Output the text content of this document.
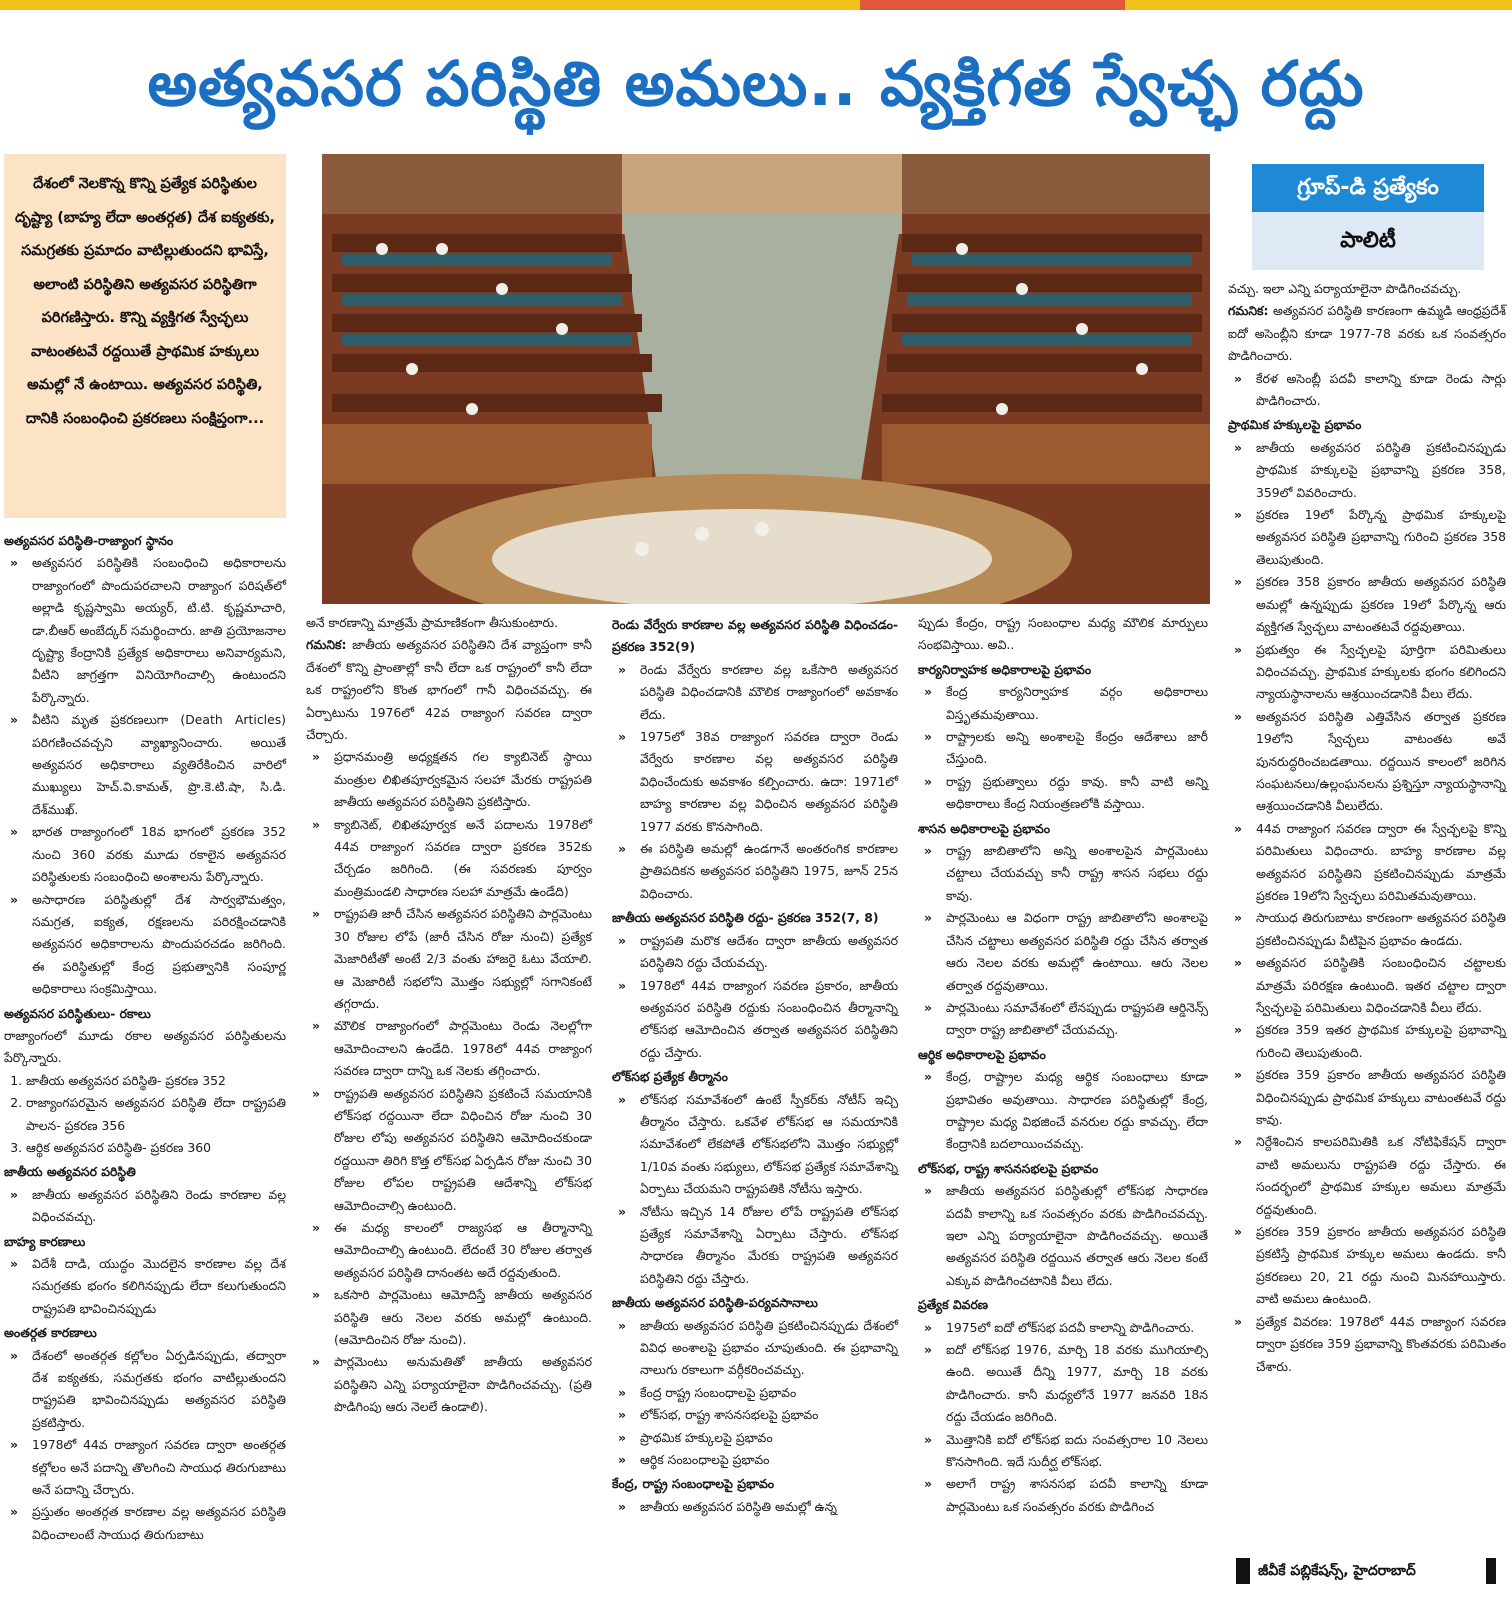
అత్యవసర పరిస్థితి అమలు.. వ్యక్తిగత స్వేచ్ఛ రద్దు
దేశంలో నెలకొన్న కొన్ని ప్రత్యేక పరిస్థితుల దృష్ట్యా (బాహ్య లేదా అంతర్గత) దేశ ఐక్యతకు, సమగ్రతకు ప్రమాదం వాటిల్లుతుందని భావిస్తే, అలాంటి పరిస్థితిని అత్యవసర పరిస్థితిగా పరిగణిస్తారు. కొన్ని వ్యక్తిగత స్వేచ్ఛలు వాటంతటవే రద్దయితే ప్రాథమిక హక్కులు అమల్లో నే ఉంటాయి. అత్యవసర పరిస్థితి, దానికి సంబంధించి ప్రకరణలు సంక్షిప్తంగా...
గ్రూప్-డి ప్రత్యేకం
పాలిటీ
అత్యవసర పరిస్థితి-రాజ్యాంగ స్థానం
» అత్యవసర పరిస్థితికి సంబంధించి అధికారాలను రాజ్యాంగంలో పొందుపరచాలని రాజ్యాంగ పరిషత్‌లో అల్లాడి కృష్ణస్వామి అయ్యర్, టి.టి. కృష్ణమాచారి, డా.బీఆర్ అంబేద్కర్ సమర్థించారు. జాతి ప్రయోజనాల దృష్ట్యా కేంద్రానికి ప్రత్యేక అధికారాలు అనివార్యమని, వీటిని జాగ్రత్తగా వినియోగించాల్సి ఉంటుందని పేర్కొన్నారు.
» వీటిని మృత ప్రకరణలుగా (Death Articles) పరిగణించవచ్చని వ్యాఖ్యానించారు. అయితే అత్యవసర అధికారాలు వ్యతిరేకించిన వారిలో ముఖ్యులు హెచ్.వి.కామత్, ప్రొ.కె.టి.షా, సి.డి. దేశ్‌ముఖ్.
» భారత రాజ్యాంగంలో 18వ భాగంలో ప్రకరణ 352 నుంచి 360 వరకు మూడు రకాలైన అత్యవసర పరిస్థితులకు సంబంధించి అంశాలను పేర్కొన్నారు.
» అసాధారణ పరిస్థితుల్లో దేశ సార్వభౌమత్వం, సమగ్రత, ఐక్యత, రక్షణలను పరిరక్షించడానికి అత్యవసర అధికారాలను పొందుపరచడం జరిగింది. ఈ పరిస్థితుల్లో కేంద్ర ప్రభుత్వానికి సంపూర్ణ అధికారాలు సంక్రమిస్తాయి.
అత్యవసర పరిస్థితులు- రకాలు

రాజ్యాంగంలో మూడు రకాల అత్యవసర పరిస్థితులను పేర్కొన్నారు.

1. జాతీయ అత్యవసర పరిస్థితి- ప్రకరణ 352
2. రాజ్యాంగపరమైన అత్యవసర పరిస్థితి లేదా రాష్ట్రపతి పాలన- ప్రకరణ 356
3. ఆర్థిక అత్యవసర పరిస్థితి- ప్రకరణ 360
జాతీయ అత్యవసర పరిస్థితి
» జాతీయ అత్యవసర పరిస్థితిని రెండు కారణాల వల్ల విధించవచ్చు.
బాహ్య కారణాలు
» విదేశీ దాడి, యుద్ధం మొదలైన కారణాల వల్ల దేశ సమగ్రతకు భంగం కలిగినప్పుడు లేదా కలుగుతుందని రాష్ట్రపతి భావించినప్పుడు
అంతర్గత కారణాలు
» దేశంలో అంతర్గత కల్లోలం ఏర్పడినప్పుడు, తద్వారా దేశ ఐక్యతకు, సమగ్రతకు భంగం వాటిల్లుతుందని రాష్ట్రపతి భావించినప్పుడు అత్యవసర పరిస్థితి ప్రకటిస్తారు.
» 1978లో 44వ రాజ్యాంగ సవరణ ద్వారా అంతర్గత కల్లోలం అనే పదాన్ని తొలగించి సాయుధ తిరుగుబాటు అనే పదాన్ని చేర్చారు.
» ప్రస్తుతం అంతర్గత కారణాల వల్ల అత్యవసర పరిస్థితి విధించాలంటే సాయుధ తిరుగుబాటు

అనే కారణాన్ని మాత్రమే ప్రామాణికంగా తీసుకుంటారు.

గమనిక: జాతీయ అత్యవసర పరిస్థితిని దేశ వ్యాప్తంగా కానీ దేశంలో కొన్ని ప్రాంతాల్లో కానీ లేదా ఒక రాష్ట్రంలో కానీ లేదా ఒక రాష్ట్రంలోని కొంత భాగంలో గానీ విధించవచ్చు. ఈ ఏర్పాటును 1976లో 42వ రాజ్యాంగ సవరణ ద్వారా చేర్చారు.

» ప్రధానమంత్రి అధ్యక్షతన గల క్యాబినెట్ స్థాయి మంత్రుల లిఖితపూర్వకమైన సలహా మేరకు రాష్ట్రపతి జాతీయ అత్యవసర పరిస్థితిని ప్రకటిస్తారు.
» క్యాబినెట్, లిఖితపూర్వక అనే పదాలను 1978లో 44వ రాజ్యాంగ సవరణ ద్వారా ప్రకరణ 352కు చేర్చడం జరిగింది. (ఈ సవరణకు పూర్వం మంత్రిమండలి సాధారణ సలహా మాత్రమే ఉండేది)
» రాష్ట్రపతి జారీ చేసిన అత్యవసర పరిస్థితిని పార్లమెంటు 30 రోజుల లోపే (జారీ చేసిన రోజు నుంచి) ప్రత్యేక మెజారిటీతో అంటే 2/3 వంతు హాజరై ఓటు వేయాలి. ఆ మెజారిటీ సభలోని మొత్తం సభ్యుల్లో సగానికంటే తగ్గరాదు.
» మౌలిక రాజ్యాంగంలో పార్లమెంటు రెండు నెలల్లోగా ఆమోదించాలని ఉండేది. 1978లో 44వ రాజ్యాంగ సవరణ ద్వారా దాన్ని ఒక నెలకు తగ్గించారు.
» రాష్ట్రపతి అత్యవసర పరిస్థితిని ప్రకటించే సమయానికి లోక్‌సభ రద్దయినా లేదా విధించిన రోజు నుంచి 30 రోజుల లోపు అత్యవసర పరిస్థితిని ఆమోదించకుండా రద్దయినా తిరిగి కొత్త లోక్‌సభ ఏర్పడిన రోజు నుంచి 30 రోజుల లోపల రాష్ట్రపతి ఆదేశాన్ని లోక్‌సభ ఆమోదించాల్సి ఉంటుంది.
» ఈ మధ్య కాలంలో రాజ్యసభ ఆ తీర్మానాన్ని ఆమోదించాల్సి ఉంటుంది. లేదంటే 30 రోజుల తర్వాత అత్యవసర పరిస్థితి దానంతట అదే రద్దవుతుంది.
» ఒకసారి పార్లమెంటు ఆమోదిస్తే జాతీయ అత్యవసర పరిస్థితి ఆరు నెలల వరకు అమల్లో ఉంటుంది. (ఆమోదించిన రోజు నుంచి).
» పార్లమెంటు అనుమతితో జాతీయ అత్యవసర పరిస్థితిని ఎన్ని పర్యాయాలైనా పొడిగించవచ్చు. (ప్రతి పొడిగింపు ఆరు నెలలే ఉండాలి).
రెండు వేర్వేరు కారణాల వల్ల అత్యవసర పరిస్థితి విధించడం- ప్రకరణ 352(9)
» రెండు వేర్వేరు కారణాల వల్ల ఒకేసారి అత్యవసర పరిస్థితి విధించడానికి మౌలిక రాజ్యాంగంలో అవకాశం లేదు.
» 1975లో 38వ రాజ్యాంగ సవరణ ద్వారా రెండు వేర్వేరు కారణాల వల్ల అత్యవసర పరిస్థితి విధించేందుకు అవకాశం కల్పించారు. ఉదా: 1971లో బాహ్య కారణాల వల్ల విధించిన అత్యవసర పరిస్థితి 1977 వరకు కొనసాగింది.
» ఈ పరిస్థితి అమల్లో ఉండగానే అంతరంగిక కారణాల ప్రాతిపదికన అత్యవసర పరిస్థితిని 1975, జూన్ 25న విధించారు.
జాతీయ అత్యవసర పరిస్థితి రద్దు- ప్రకరణ 352(7, 8)
» రాష్ట్రపతి మరొక ఆదేశం ద్వారా జాతీయ అత్యవసర పరిస్థితిని రద్దు చేయవచ్చు.
» 1978లో 44వ రాజ్యాంగ సవరణ ప్రకారం, జాతీయ అత్యవసర పరిస్థితి రద్దుకు సంబంధించిన తీర్మానాన్ని లోక్‌సభ ఆమోదించిన తర్వాత అత్యవసర పరిస్థితిని రద్దు చేస్తారు.
లోక్‌సభ ప్రత్యేక తీర్మానం
» లోక్‌సభ సమావేశంలో ఉంటే స్పీకర్‌కు నోటీస్ ఇచ్చి తీర్మానం చేస్తారు. ఒకవేళ లోక్‌సభ ఆ సమయానికి సమావేశంలో లేకపోతే లోక్‌సభలోని మొత్తం సభ్యుల్లో 1/10వ వంతు సభ్యులు, లోక్‌సభ ప్రత్యేక సమావేశాన్ని ఏర్పాటు చేయమని రాష్ట్రపతికి నోటీసు ఇస్తారు.
» నోటీసు ఇచ్చిన 14 రోజుల లోపే రాష్ట్రపతి లోక్‌సభ ప్రత్యేక సమావేశాన్ని ఏర్పాటు చేస్తారు. లోక్‌సభ సాధారణ తీర్మానం మేరకు రాష్ట్రపతి అత్యవసర పరిస్థితిని రద్దు చేస్తారు.
జాతీయ అత్యవసర పరిస్థితి-పర్యవసానాలు
» జాతీయ అత్యవసర పరిస్థితి ప్రకటించినప్పుడు దేశంలో వివిధ అంశాలపై ప్రభావం చూపుతుంది. ఈ ప్రభావాన్ని నాలుగు రకాలుగా వర్గీకరించవచ్చు.
» కేంద్ర రాష్ట్ర సంబంధాలపై ప్రభావం
» లోక్‌సభ, రాష్ట్ర శాసనసభలపై ప్రభావం
» ప్రాథమిక హక్కులపై ప్రభావం
» ఆర్థిక సంబంధాలపై ప్రభావం
కేంద్ర, రాష్ట్ర సంబంధాలపై ప్రభావం
» జాతీయ అత్యవసర పరిస్థితి అమల్లో ఉన్న

ప్పుడు కేంద్రం, రాష్ట్ర సంబంధాల మధ్య మౌలిక మార్పులు సంభవిస్తాయి. అవి..

కార్యనిర్వాహక అధికారాలపై ప్రభావం
» కేంద్ర కార్యనిర్వాహక వర్గం అధికారాలు విస్తృతమవుతాయి.
» రాష్ట్రాలకు అన్ని అంశాలపై కేంద్రం ఆదేశాలు జారీ చేస్తుంది.
» రాష్ట్ర ప్రభుత్వాలు రద్దు కావు. కానీ వాటి అన్ని అధికారాలు కేంద్ర నియంత్రణలోకి వస్తాయి.
శాసన అధికారాలపై ప్రభావం
» రాష్ట్ర జాబితాలోని అన్ని అంశాలపైన పార్లమెంటు చట్టాలు చేయవచ్చు కానీ రాష్ట్ర శాసన సభలు రద్దు కావు.
» పార్లమెంటు ఆ విధంగా రాష్ట్ర జాబితాలోని అంశాలపై చేసిన చట్టాలు అత్యవసర పరిస్థితి రద్దు చేసిన తర్వాత ఆరు నెలల వరకు అమల్లో ఉంటాయి. ఆరు నెలల తర్వాత రద్దవుతాయి.
» పార్లమెంటు సమావేశంలో లేనప్పుడు రాష్ట్రపతి ఆర్డినెన్స్ ద్వారా రాష్ట్ర జాబితాలో చేయవచ్చు.
ఆర్థిక అధికారాలపై ప్రభావం
» కేంద్ర, రాష్ట్రాల మధ్య ఆర్థిక సంబంధాలు కూడా ప్రభావితం అవుతాయి. సాధారణ పరిస్థితుల్లో కేంద్ర, రాష్ట్రాల మధ్య విభజించే వనరుల రద్దు కావచ్చు. లేదా కేంద్రానికి బదలాయించవచ్చు.
లోక్‌సభ, రాష్ట్ర శాసనసభలపై ప్రభావం
» జాతీయ అత్యవసర పరిస్థితుల్లో లోక్‌సభ సాధారణ పదవీ కాలాన్ని ఒక సంవత్సరం వరకు పొడిగించవచ్చు. ఇలా ఎన్ని పర్యాయాలైనా పొడిగించవచ్చు. అయితే అత్యవసర పరిస్థితి రద్దయిన తర్వాత ఆరు నెలల కంటే ఎక్కువ పొడిగించటానికి వీలు లేదు.
ప్రత్యేక వివరణ
» 1975లో ఐదో లోక్‌సభ పదవీ కాలాన్ని పొడిగించారు.
» ఐదో లోక్‌సభ 1976, మార్చి 18 వరకు ముగియాల్సి ఉంది. అయితే దీన్ని 1977, మార్చి 18 వరకు పొడిగించారు. కానీ మధ్యలోనే 1977 జనవరి 18న రద్దు చేయడం జరిగింది.
» మొత్తానికి ఐదో లోక్‌సభ ఐదు సంవత్సరాల 10 నెలలు కొనసాగింది. ఇదే సుదీర్ఘ లోక్‌సభ.
» అలాగే రాష్ట్ర శాసనసభ పదవీ కాలాన్ని కూడా పార్లమెంటు ఒక సంవత్సరం వరకు పొడిగించ

వచ్చు. ఇలా ఎన్ని పర్యాయాలైనా పొడిగించవచ్చు.

గమనిక: అత్యవసర పరిస్థితి కారణంగా ఉమ్మడి ఆంధ్రప్రదేశ్ ఐదో అసెంబ్లీని కూడా 1977-78 వరకు ఒక సంవత్సరం పొడిగించారు.

» కేరళ అసెంబ్లీ పదవీ కాలాన్ని కూడా రెండు సార్లు పొడిగించారు.
ప్రాథమిక హక్కులపై ప్రభావం
» జాతీయ అత్యవసర పరిస్థితి ప్రకటించినప్పుడు ప్రాథమిక హక్కులపై ప్రభావాన్ని ప్రకరణ 358, 359లో వివరించారు.
» ప్రకరణ 19లో పేర్కొన్న ప్రాథమిక హక్కులపై అత్యవసర పరిస్థితి ప్రభావాన్ని గురించి ప్రకరణ 358 తెలుపుతుంది.
» ప్రకరణ 358 ప్రకారం జాతీయ అత్యవసర పరిస్థితి అమల్లో ఉన్నప్పుడు ప్రకరణ 19లో పేర్కొన్న ఆరు వ్యక్తిగత స్వేచ్ఛలు వాటంతటవే రద్దవుతాయి.
» ప్రభుత్వం ఈ స్వేచ్ఛలపై పూర్తిగా పరిమితులు విధించవచ్చు. ప్రాథమిక హక్కులకు భంగం కలిగిందని న్యాయస్థానాలను ఆశ్రయించడానికి వీలు లేదు.
» అత్యవసర పరిస్థితి ఎత్తివేసిన తర్వాత ప్రకరణ 19లోని స్వేచ్ఛలు వాటంతట అవే పునరుద్ధరించబడతాయి. రద్దయిన కాలంలో జరిగిన సంఘటనలు/ఉల్లంఘనలను ప్రశ్నిస్తూ న్యాయస్థానాన్ని ఆశ్రయించడానికి వీలులేదు.
» 44వ రాజ్యాంగ సవరణ ద్వారా ఈ స్వేచ్ఛలపై కొన్ని పరిమితులు విధించారు. బాహ్య కారణాల వల్ల అత్యవసర పరిస్థితిని ప్రకటించినప్పుడు మాత్రమే ప్రకరణ 19లోని స్వేచ్ఛలు పరిమితమవుతాయి.
» సాయుధ తిరుగుబాటు కారణంగా అత్యవసర పరిస్థితి ప్రకటించినప్పుడు వీటిపైన ప్రభావం ఉండదు.
» అత్యవసర పరిస్థితికి సంబంధించిన చట్టాలకు మాత్రమే పరిరక్షణ ఉంటుంది. ఇతర చట్టాల ద్వారా స్వేచ్ఛలపై పరిమితులు విధించడానికి వీలు లేదు.
» ప్రకరణ 359 ఇతర ప్రాథమిక హక్కులపై ప్రభావాన్ని గురించి తెలుపుతుంది.
» ప్రకరణ 359 ప్రకారం జాతీయ అత్యవసర పరిస్థితి విధించినప్పుడు ప్రాథమిక హక్కులు వాటంతటవే రద్దు కావు.
» నిర్దేశించిన కాలపరిమితికి ఒక నోటిఫికేషన్ ద్వారా వాటి అమలును రాష్ట్రపతి రద్దు చేస్తారు. ఈ సందర్భంలో ప్రాథమిక హక్కుల అమలు మాత్రమే రద్దవుతుంది.
» ప్రకరణ 359 ప్రకారం జాతీయ అత్యవసర పరిస్థితి ప్రకటిస్తే ప్రాథమిక హక్కుల అమలు ఉండదు. కానీ ప్రకరణలు 20, 21 రద్దు నుంచి మినహాయిస్తారు. వాటి అమలు ఉంటుంది.
» ప్రత్యేక వివరణ: 1978లో 44వ రాజ్యాంగ సవరణ ద్వారా ప్రకరణ 359 ప్రభావాన్ని కొంతవరకు పరిమితం చేశారు.
జీవీకే పబ్లికేషన్స్, హైదరాబాద్
